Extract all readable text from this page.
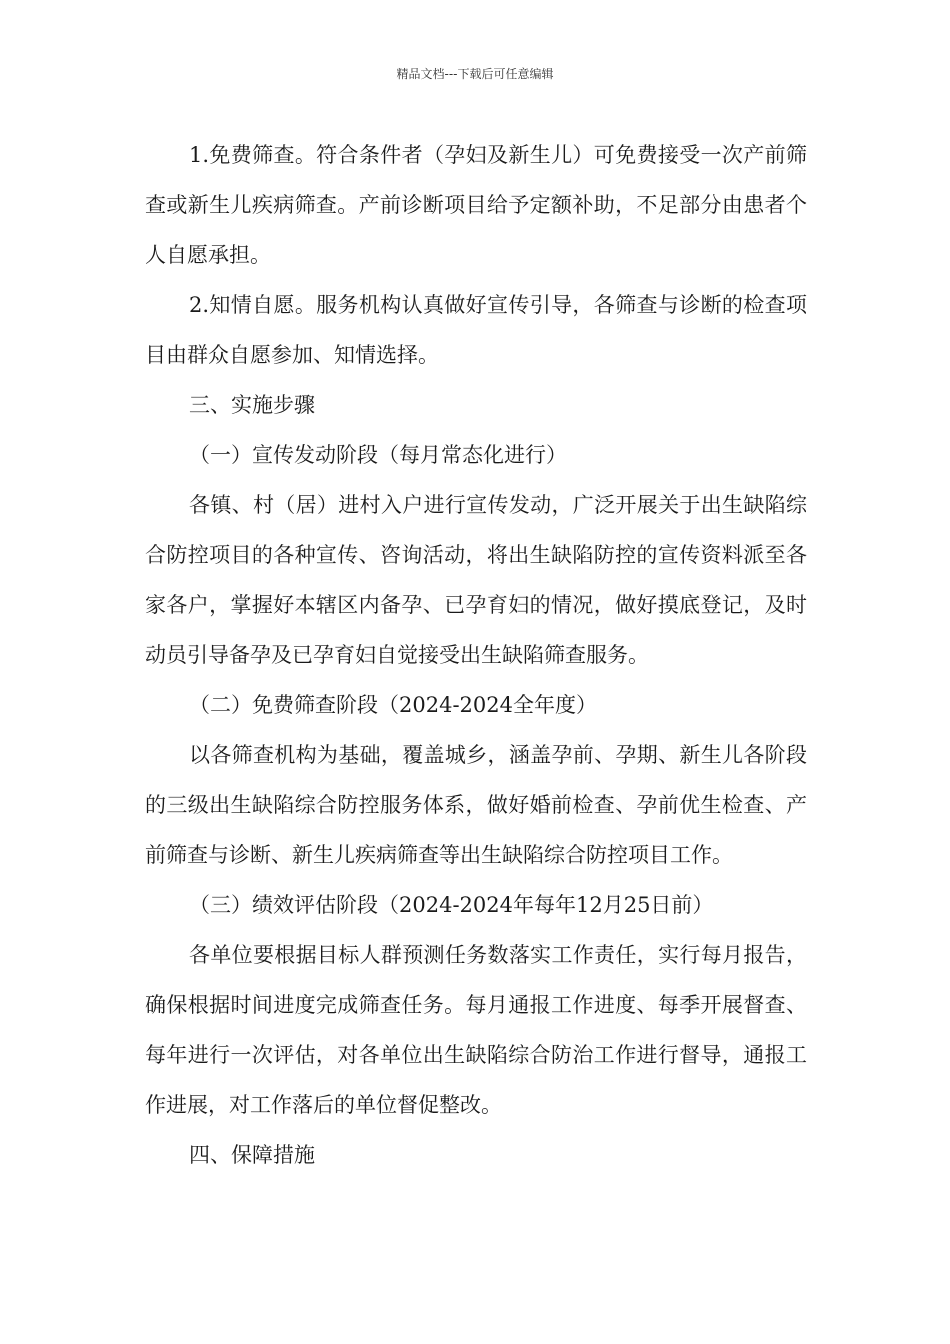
精品文档---下载后可任意编辑

1.免费筛查。符合条件者（孕妇及新生儿）可免费接受一次产前筛查或新生儿疾病筛查。产前诊断项目给予定额补助，不足部分由患者个人自愿承担。

2.知情自愿。服务机构认真做好宣传引导，各筛查与诊断的检查项目由群众自愿参加、知情选择。

三、实施步骤

（一）宣传发动阶段（每月常态化进行）

各镇、村（居）进村入户进行宣传发动，广泛开展关于出生缺陷综合防控项目的各种宣传、咨询活动，将出生缺陷防控的宣传资料派至各家各户，掌握好本辖区内备孕、已孕育妇的情况，做好摸底登记，及时动员引导备孕及已孕育妇自觉接受出生缺陷筛查服务。

（二）免费筛查阶段（2024-2024全年度）

以各筛查机构为基础，覆盖城乡，涵盖孕前、孕期、新生儿各阶段的三级出生缺陷综合防控服务体系，做好婚前检查、孕前优生检查、产前筛查与诊断、新生儿疾病筛查等出生缺陷综合防控项目工作。

（三）绩效评估阶段（2024-2024年每年12月25日前）

各单位要根据目标人群预测任务数落实工作责任，实行每月报告，确保根据时间进度完成筛查任务。每月通报工作进度、每季开展督查、每年进行一次评估，对各单位出生缺陷综合防治工作进行督导，通报工作进展，对工作落后的单位督促整改。

四、保障措施
